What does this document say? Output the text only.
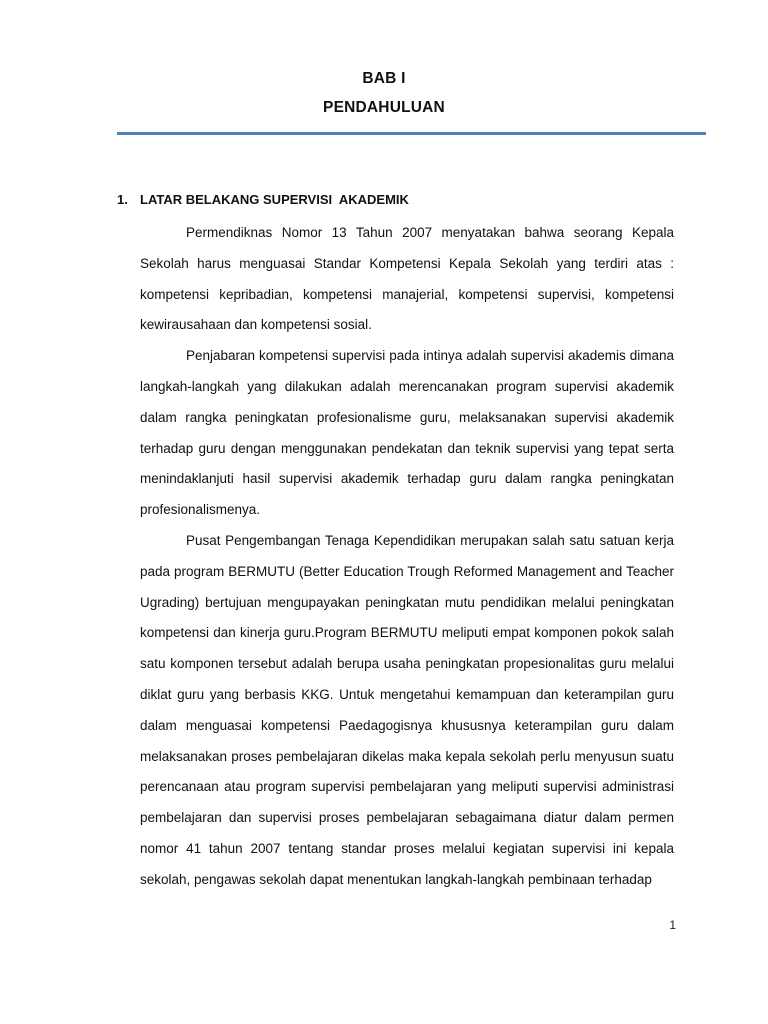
BAB I
PENDAHULUAN
1. LATAR BELAKANG SUPERVISI  AKADEMIK

Permendiknas Nomor 13 Tahun 2007 menyatakan bahwa seorang Kepala Sekolah harus menguasai Standar Kompetensi Kepala Sekolah yang terdiri atas : kompetensi kepribadian, kompetensi manajerial, kompetensi supervisi, kompetensi kewirausahaan dan kompetensi sosial.

Penjabaran kompetensi supervisi pada intinya adalah supervisi akademis dimana langkah-langkah yang dilakukan adalah merencanakan program supervisi akademik dalam rangka peningkatan profesionalisme guru, melaksanakan supervisi akademik terhadap guru dengan menggunakan pendekatan dan teknik supervisi yang tepat serta menindaklanjuti hasil supervisi akademik terhadap guru dalam rangka peningkatan profesionalismenya.

Pusat Pengembangan Tenaga Kependidikan merupakan salah satu satuan kerja pada program BERMUTU (Better Education Trough Reformed Management and Teacher Ugrading) bertujuan mengupayakan peningkatan mutu pendidikan melalui peningkatan kompetensi dan kinerja guru.Program BERMUTU meliputi empat komponen pokok salah satu komponen tersebut adalah berupa usaha peningkatan propesionalitas guru melalui diklat guru yang berbasis KKG. Untuk mengetahui kemampuan dan keterampilan guru dalam menguasai kompetensi Paedagogisnya khususnya keterampilan guru dalam melaksanakan proses pembelajaran dikelas maka kepala sekolah perlu menyusun suatu perencanaan atau program supervisi pembelajaran yang meliputi supervisi administrasi pembelajaran dan supervisi proses pembelajaran sebagaimana diatur dalam permen nomor 41 tahun 2007 tentang standar proses melalui kegiatan supervisi ini kepala sekolah, pengawas sekolah dapat menentukan langkah-langkah pembinaan terhadap

1
